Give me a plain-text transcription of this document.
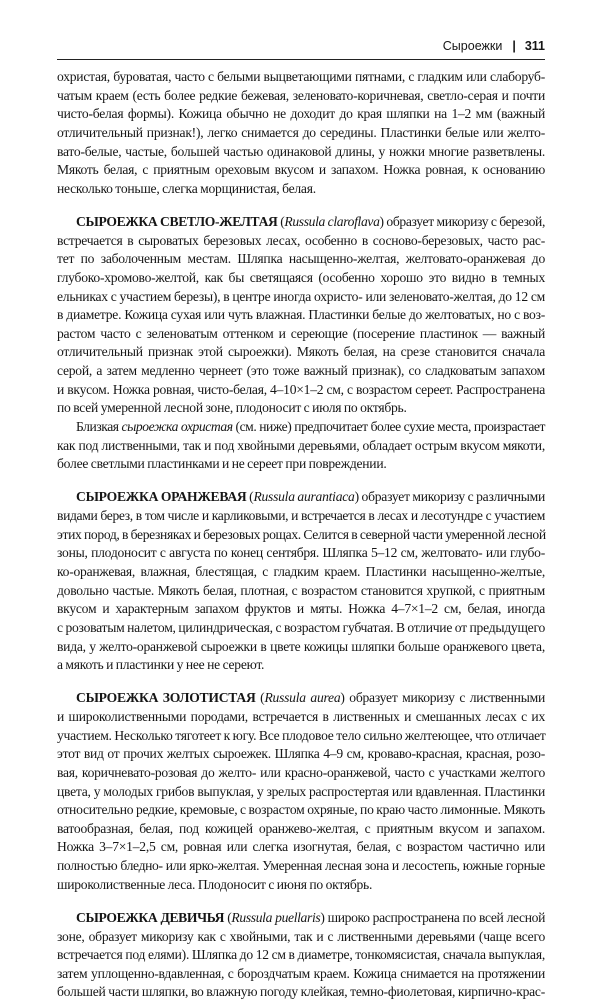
Сыроежки | 311
охристая, буроватая, часто с белыми выцветающими пятнами, с гладким или слаборуб-
чатым краем (есть более редкие бежевая, зеленовато-коричневая, светло-серая и почти
чисто-белая формы). Кожица обычно не доходит до края шляпки на 1–2 мм (важный
отличительный признак!), легко снимается до середины. Пластинки белые или желто-
вато-белые, частые, большей частью одинаковой длины, у ножки многие разветвлены.
Мякоть белая, с приятным ореховым вкусом и запахом. Ножка ровная, к основанию
несколько тоньше, слегка морщинистая, белая.
СЫРОЕЖКА СВЕТЛО-ЖЕЛТАЯ (Russula claroflava) образует микоризу с березой,
встречается в сыроватых березовых лесах, особенно в сосново-березовых, часто рас-
тет по заболоченным местам. Шляпка насыщенно-желтая, желтовато-оранжевая до
глубоко-хромово-желтой, как бы светящаяся (особенно хорошо это видно в темных
ельниках с участием березы), в центре иногда охристо- или зеленовато-желтая, до 12 см
в диаметре. Кожица сухая или чуть влажная. Пластинки белые до желтоватых, но с воз-
растом часто с зеленоватым оттенком и сереющие (посерение пластинок — важный
отличительный признак этой сыроежки). Мякоть белая, на срезе становится сначала
серой, а затем медленно чернеет (это тоже важный признак), со сладковатым запахом
и вкусом. Ножка ровная, чисто-белая, 4–10×1–2 см, с возрастом сереет. Распространена
по всей умеренной лесной зоне, плодоносит с июля по октябрь.
Близкая сыроежка охристая (см. ниже) предпочитает более сухие места, произрастает
как под лиственными, так и под хвойными деревьями, обладает острым вкусом мякоти,
более светлыми пластинками и не сереет при повреждении.
СЫРОЕЖКА ОРАНЖЕВАЯ (Russula aurantiaca) образует микоризу с различными
видами берез, в том числе и карликовыми, и встречается в лесах и лесотундре с участием
этих пород, в березняках и березовых рощах. Селится в северной части умеренной лесной
зоны, плодоносит с августа по конец сентября. Шляпка 5–12 см, желтовато- или глубо-
ко-оранжевая, влажная, блестящая, с гладким краем. Пластинки насыщенно-желтые,
довольно частые. Мякоть белая, плотная, с возрастом становится хрупкой, с приятным
вкусом и характерным запахом фруктов и мяты. Ножка 4–7×1–2 см, белая, иногда
с розоватым налетом, цилиндрическая, с возрастом губчатая. В отличие от предыдущего
вида, у желто-оранжевой сыроежки в цвете кожицы шляпки больше оранжевого цвета,
а мякоть и пластинки у нее не сереют.
СЫРОЕЖКА ЗОЛОТИСТАЯ (Russula aurea) образует микоризу с лиственными
и широколиственными породами, встречается в лиственных и смешанных лесах с их
участием. Несколько тяготеет к югу. Все плодовое тело сильно желтеющее, что отличает
этот вид от прочих желтых сыроежек. Шляпка 4–9 см, кроваво-красная, красная, розо-
вая, коричневато-розовая до желто- или красно-оранжевой, часто с участками желтого
цвета, у молодых грибов выпуклая, у зрелых распростертая или вдавленная. Пластинки
относительно редкие, кремовые, с возрастом охряные, по краю часто лимонные. Мякоть
ватообразная, белая, под кожицей оранжево-желтая, с приятным вкусом и запахом.
Ножка 3–7×1–2,5 см, ровная или слегка изогнутая, белая, с возрастом частично или
полностью бледно- или ярко-желтая. Умеренная лесная зона и лесостепь, южные горные
широколиственные леса. Плодоносит с июня по октябрь.
СЫРОЕЖКА ДЕВИЧЬЯ (Russula puellaris) широко распространена по всей лесной
зоне, образует микоризу как с хвойными, так и с лиственными деревьями (чаще всего
встречается под елями). Шляпка до 12 см в диаметре, тонкомясистая, сначала выпуклая,
затем уплощенно-вдавленная, с бороздчатым краем. Кожица снимается на протяжении
большей части шляпки, во влажную погоду клейкая, темно-фиолетовая, кирпично-крас-
